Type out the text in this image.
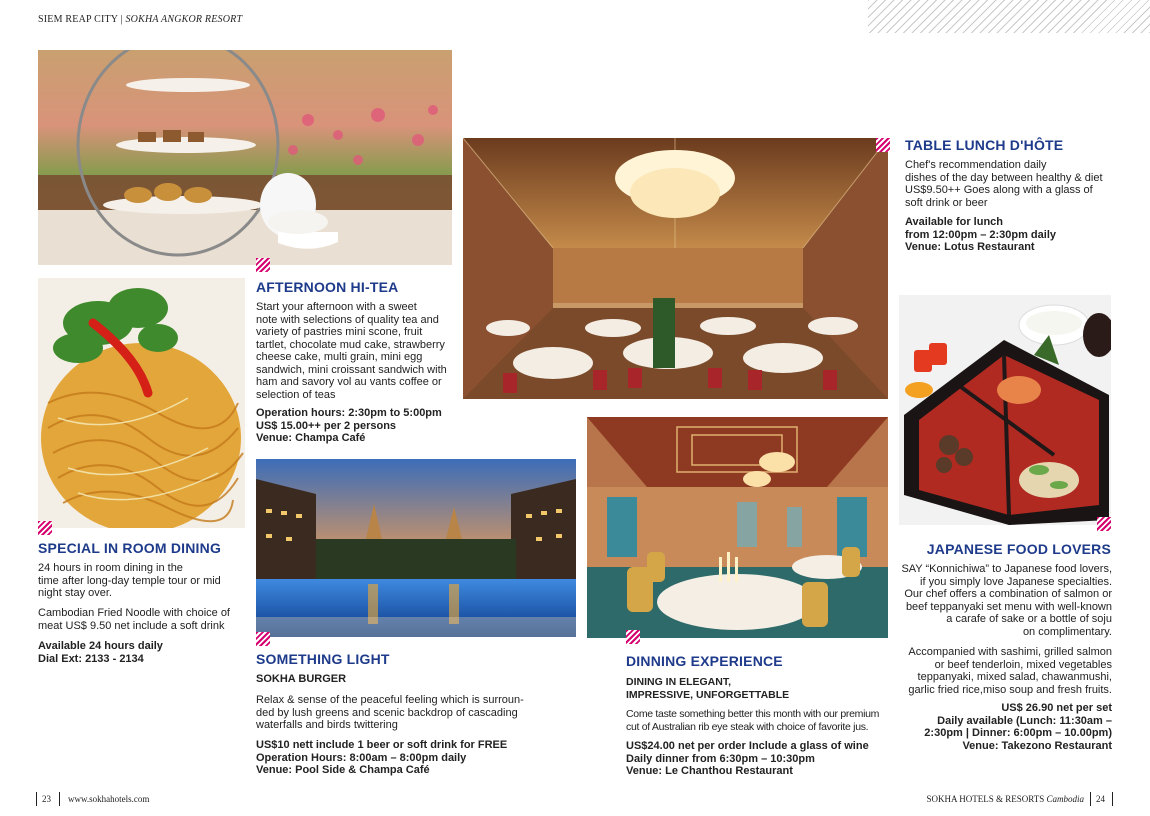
SIEM REAP CITY | SOKHA ANGKOR RESORT
AFTERNOON HI-TEA
Start your afternoon with a sweet
note with selections of quality tea and
variety of pastries mini scone, fruit
tartlet, chocolate mud cake, strawberry
cheese cake, multi grain, mini egg
sandwich, mini croissant sandwich with
ham and savory vol au vants coffee or
selection of teas
Operation hours: 2:30pm to 5:00pm
US$ 15.00++ per 2 persons
Venue: Champa Café
SPECIAL IN ROOM DINING
24 hours in room dining in the
time after long-day temple tour or mid
night stay over.
Cambodian Fried Noodle with choice of
meat US$ 9.50 net include a soft drink
Available 24 hours daily
Dial Ext: 2133 - 2134
TABLE LUNCH D'HÔTE
Chef's recommendation daily
dishes of the day between healthy & diet
US$9.50++ Goes along with a glass of
soft drink or beer
Available for lunch
from 12:00pm – 2:30pm daily
Venue: Lotus Restaurant
SOMETHING LIGHT
SOKHA BURGER
Relax & sense of the peaceful feeling which is surroun-
ded by lush greens and scenic backdrop of cascading
waterfalls and birds twittering
US$10 nett include 1 beer or soft drink for FREE
Operation Hours: 8:00am – 8:00pm daily
Venue: Pool Side & Champa Café
DINNING EXPERIENCE
DINING IN ELEGANT,
IMPRESSIVE, UNFORGETTABLE
Come taste something better this month with our premium
cut of Australian rib eye steak with choice of favorite jus.
US$24.00 net per order Include a glass of wine
Daily dinner from 6:30pm – 10:30pm
Venue: Le Chanthou Restaurant
JAPANESE FOOD LOVERS
SAY “Konnichiwa” to Japanese food lovers,
if you simply love Japanese specialties.
Our chef offers a combination of salmon or
beef teppanyaki set menu with well-known
a carafe of sake or a bottle of soju
on complimentary.
Accompanied with sashimi, grilled salmon
or beef tenderloin, mixed vegetables
teppanyaki, mixed salad, chawanmushi,
garlic fried rice,miso soup and fresh fruits.
US$ 26.90 net per set
Daily available (Lunch: 11:30am –
2:30pm | Dinner: 6:00pm – 10.00pm)
Venue: Takezono Restaurant
23 www.sokhahotels.com	SOKHA HOTELS & RESORTS Cambodia 24
